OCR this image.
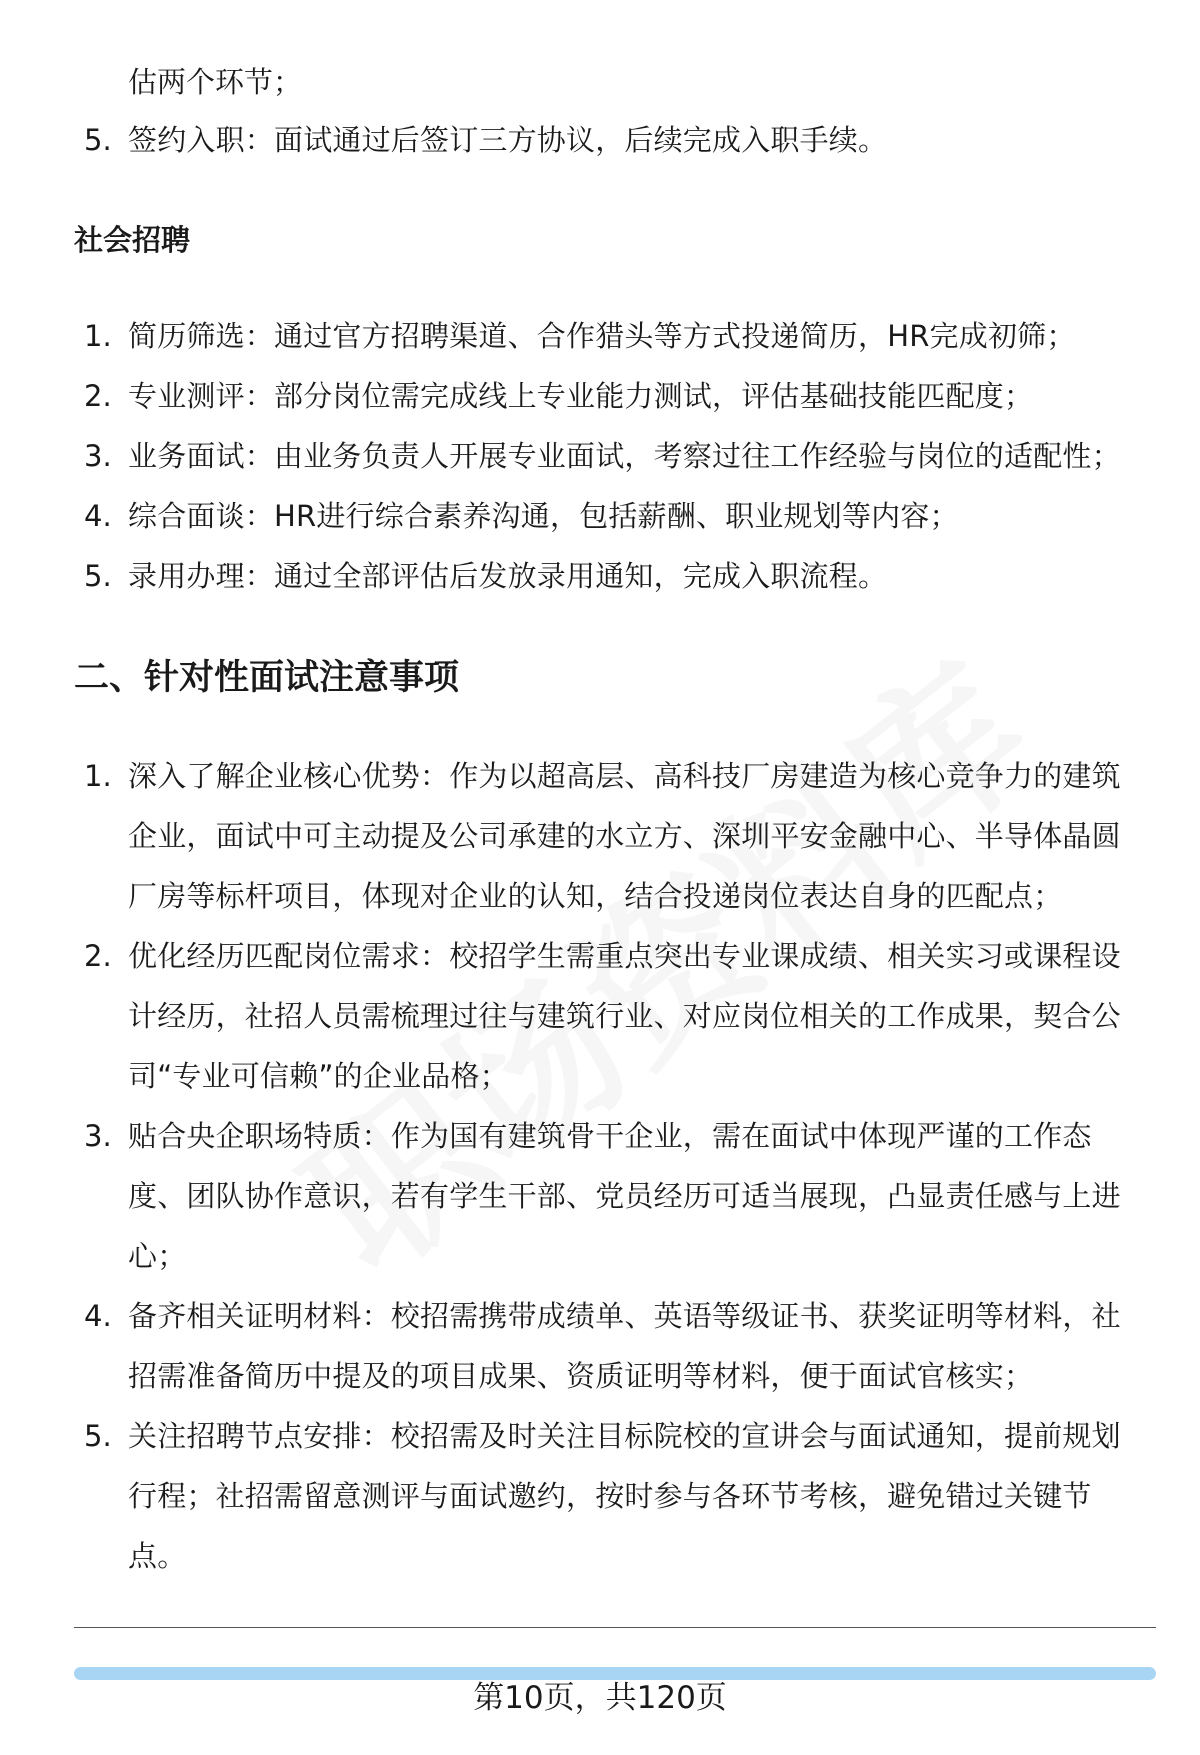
估两个环节；
5. 签约入职：面试通过后签订三方协议，后续完成入职手续。
社会招聘
1. 简历筛选：通过官方招聘渠道、合作猎头等方式投递简历，HR完成初筛；
2. 专业测评：部分岗位需完成线上专业能力测试，评估基础技能匹配度；
3. 业务面试：由业务负责人开展专业面试，考察过往工作经验与岗位的适配性；
4. 综合面谈：HR进行综合素养沟通，包括薪酬、职业规划等内容；
5. 录用办理：通过全部评估后发放录用通知，完成入职流程。
二、针对性面试注意事项
1. 深入了解企业核心优势：作为以超高层、高科技厂房建造为核心竞争力的建筑企业，面试中可主动提及公司承建的水立方、深圳平安金融中心、半导体晶圆厂房等标杆项目，体现对企业的认知，结合投递岗位表达自身的匹配点；
2. 优化经历匹配岗位需求：校招学生需重点突出专业课成绩、相关实习或课程设计经历，社招人员需梳理过往与建筑行业、对应岗位相关的工作成果，契合公司“专业可信赖”的企业品格；
3. 贴合央企职场特质：作为国有建筑骨干企业，需在面试中体现严谨的工作态度、团队协作意识，若有学生干部、党员经历可适当展现，凸显责任感与上进心；
4. 备齐相关证明材料：校招需携带成绩单、英语等级证书、获奖证明等材料，社招需准备简历中提及的项目成果、资质证明等材料，便于面试官核实；
5. 关注招聘节点安排：校招需及时关注目标院校的宣讲会与面试通知，提前规划行程；社招需留意测评与面试邀约，按时参与各环节考核，避免错过关键节点。
第10页，共120页
